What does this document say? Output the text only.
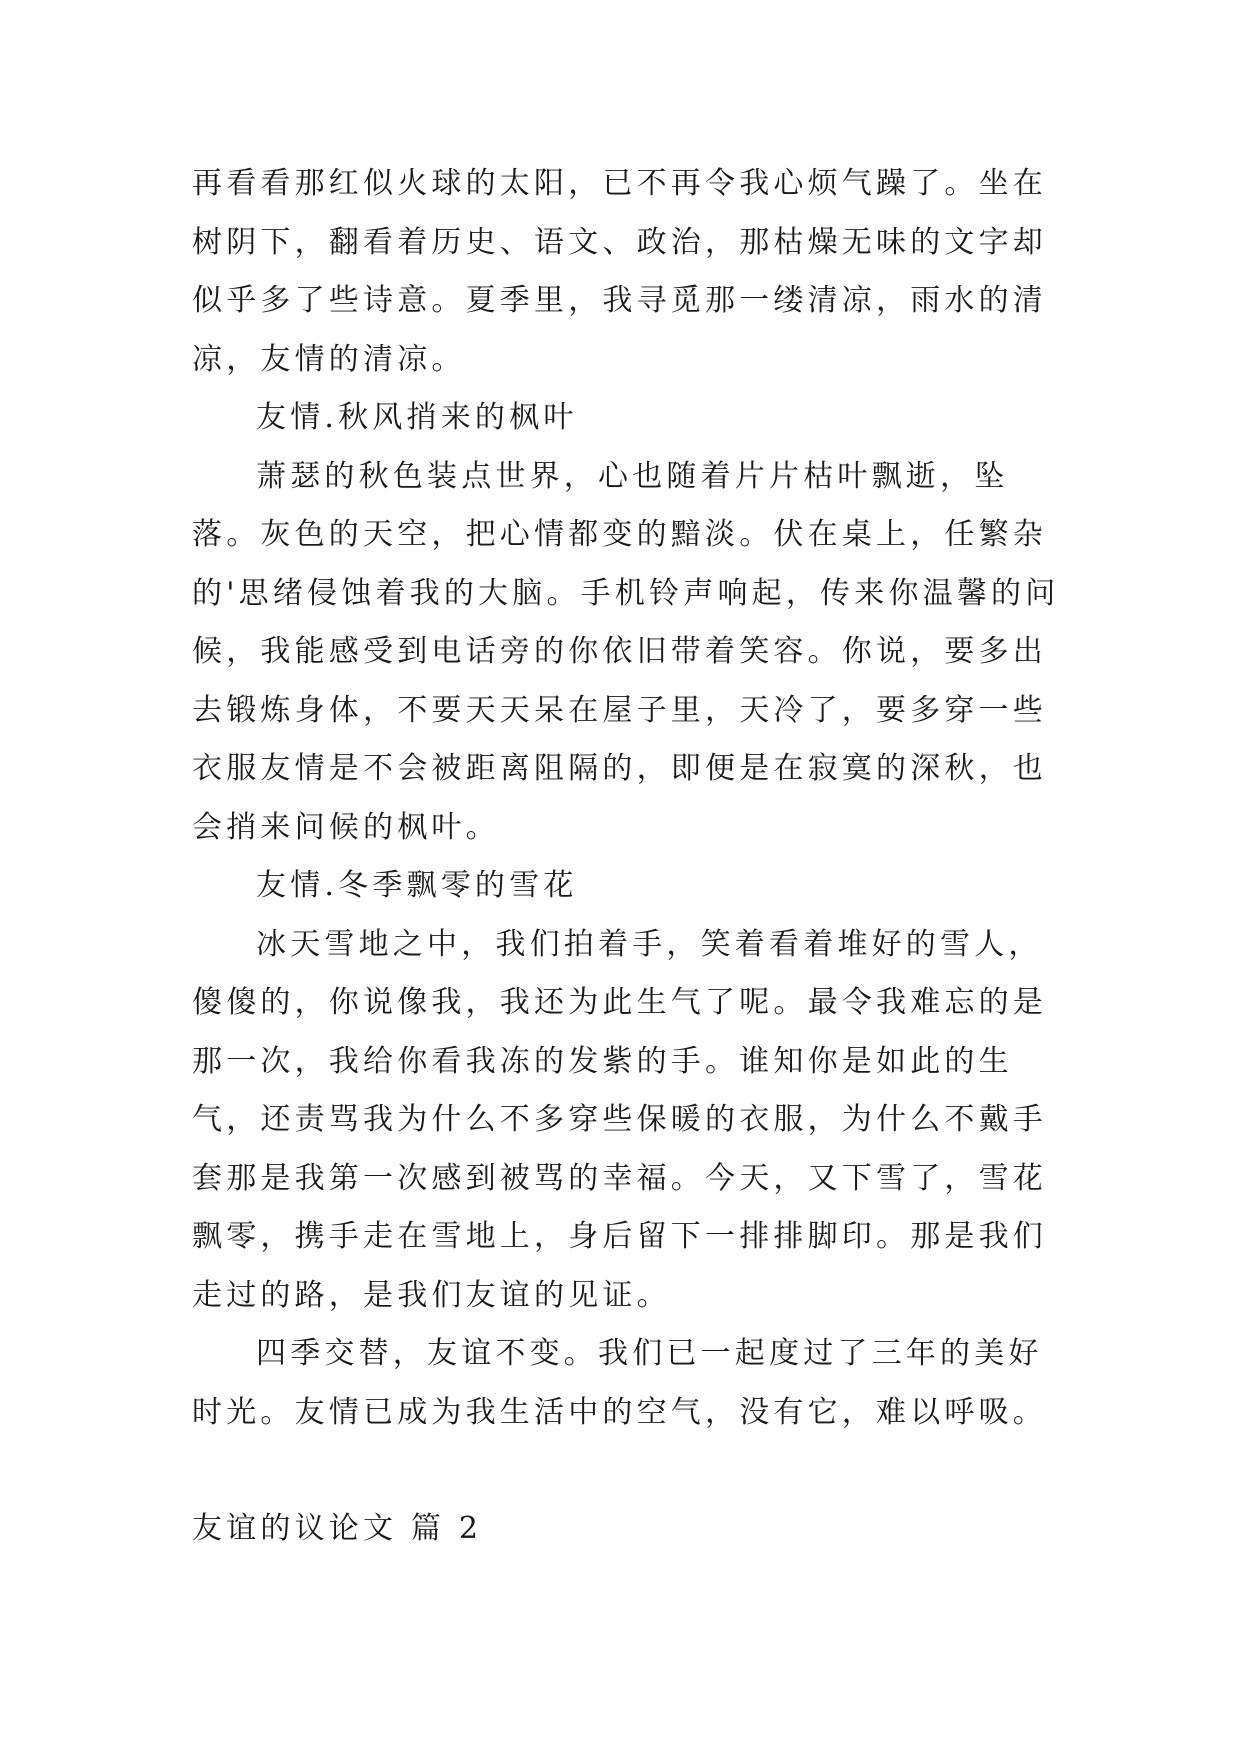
再看看那红似火球的太阳，已不再令我心烦气躁了。坐在树阴下，翻看着历史、语文、政治，那枯燥无味的文字却似乎多了些诗意。夏季里，我寻觅那一缕清凉，雨水的清凉，友情的清凉。

友情.秋风捎来的枫叶

萧瑟的秋色装点世界，心也随着片片枯叶飘逝，坠落。灰色的天空，把心情都变的黯淡。伏在桌上，任繁杂的'思绪侵蚀着我的大脑。手机铃声响起，传来你温馨的问候，我能感受到电话旁的你依旧带着笑容。你说，要多出去锻炼身体，不要天天呆在屋子里，天冷了，要多穿一些衣服友情是不会被距离阻隔的，即便是在寂寞的深秋，也会捎来问候的枫叶。

友情.冬季飘零的雪花

冰天雪地之中，我们拍着手，笑着看着堆好的雪人，傻傻的，你说像我，我还为此生气了呢。最令我难忘的是那一次，我给你看我冻的发紫的手。谁知你是如此的生气，还责骂我为什么不多穿些保暖的衣服，为什么不戴手套那是我第一次感到被骂的幸福。今天，又下雪了，雪花飘零，携手走在雪地上，身后留下一排排脚印。那是我们走过的路，是我们友谊的见证。

四季交替，友谊不变。我们已一起度过了三年的美好时光。友情已成为我生活中的空气，没有它，难以呼吸。

友谊的议论文 篇 2
